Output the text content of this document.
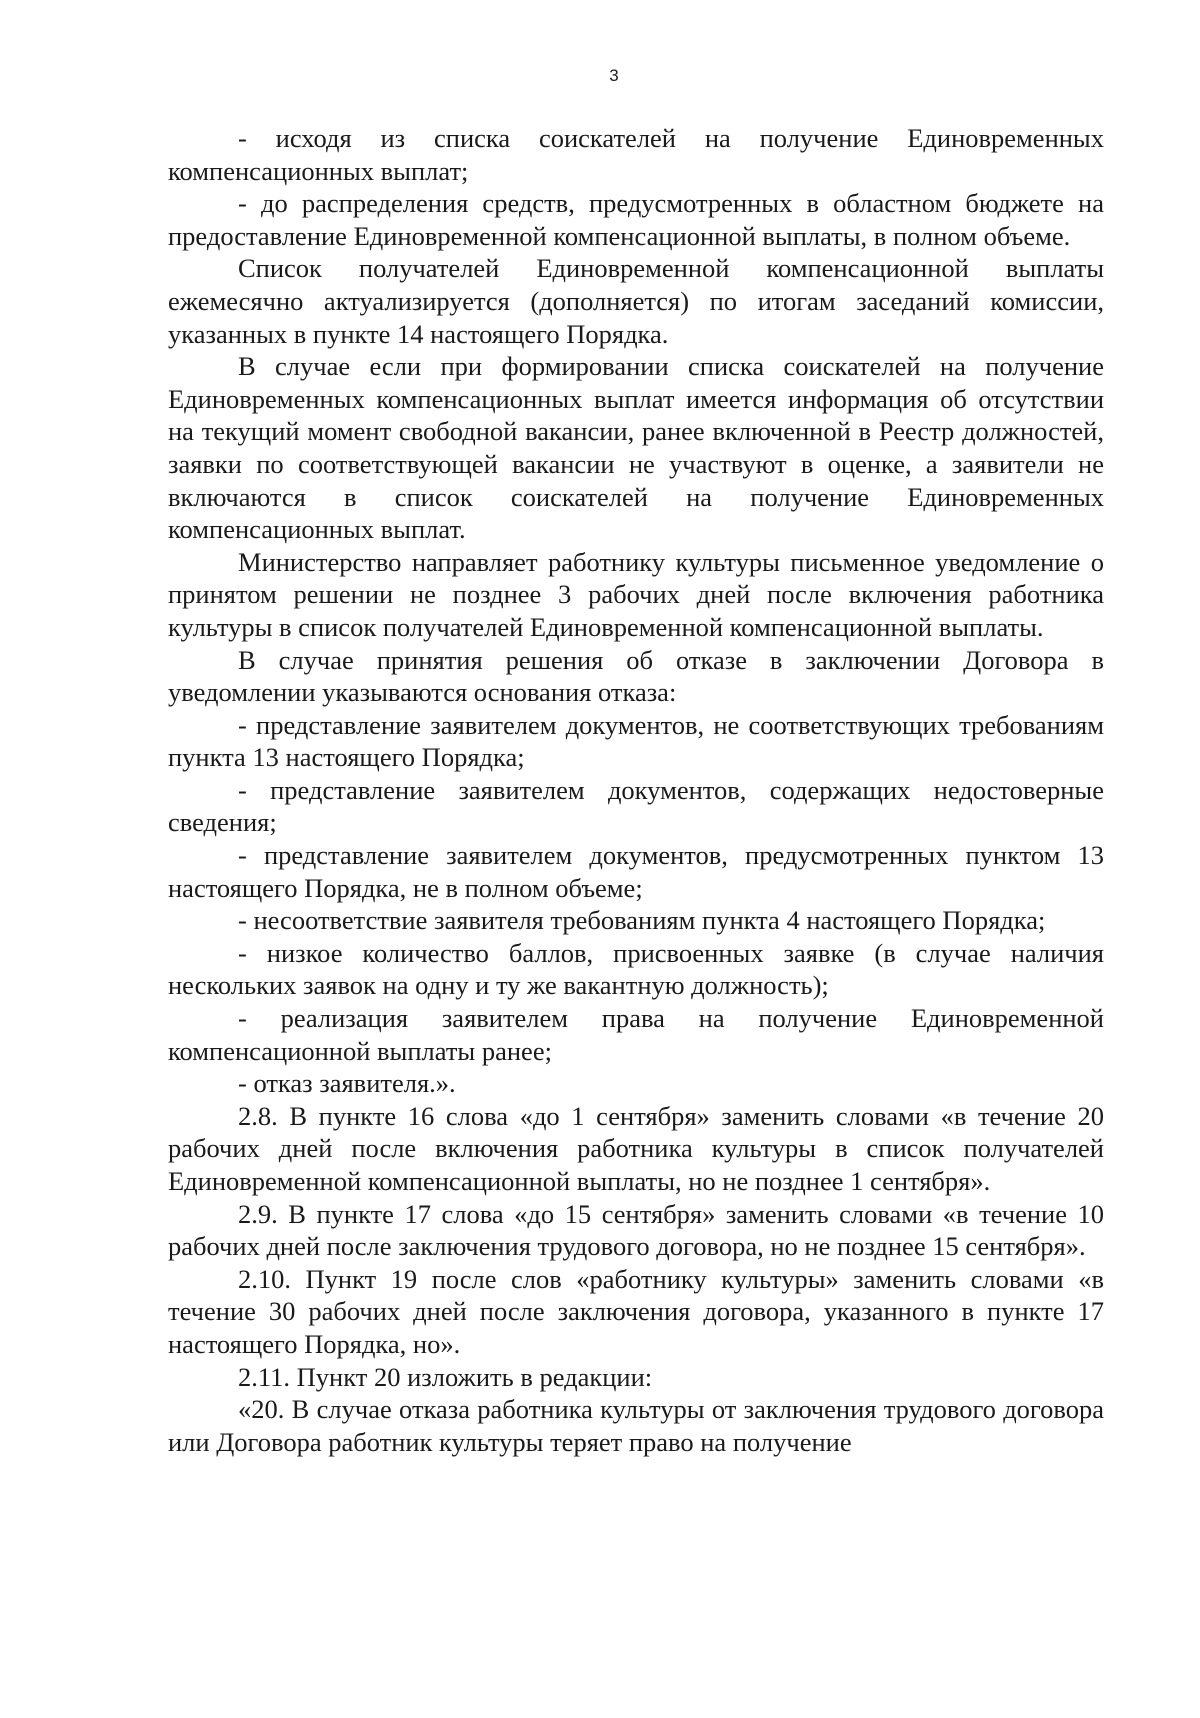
3

- исходя из списка соискателей на получение Единовременных компенсационных выплат;

- до распределения средств, предусмотренных в областном бюджете на предоставление Единовременной компенсационной выплаты, в полном объеме.

Список получателей Единовременной компенсационной выплаты ежемесячно актуализируется (дополняется) по итогам заседаний комиссии, указанных в пункте 14 настоящего Порядка.

В случае если при формировании списка соискателей на получение Единовременных компенсационных выплат имеется информация об отсутствии на текущий момент свободной вакансии, ранее включенной в Реестр должностей, заявки по соответствующей вакансии не участвуют в оценке, а заявители не включаются в список соискателей на получение Единовременных компенсационных выплат.

Министерство направляет работнику культуры письменное уведомление о принятом решении не позднее 3 рабочих дней после включения работника культуры в список получателей Единовременной компенсационной выплаты.

В случае принятия решения об отказе в заключении Договора в уведомлении указываются основания отказа:

- представление заявителем документов, не соответствующих требованиям пункта 13 настоящего Порядка;

- представление заявителем документов, содержащих недостоверные сведения;

- представление заявителем документов, предусмотренных пунктом 13 настоящего Порядка, не в полном объеме;

- несоответствие заявителя требованиям пункта 4 настоящего Порядка;

- низкое количество баллов, присвоенных заявке (в случае наличия нескольких заявок на одну и ту же вакантную должность);

- реализация заявителем права на получение Единовременной компенсационной выплаты ранее;

- отказ заявителя.».

2.8. В пункте 16 слова «до 1 сентября» заменить словами «в течение 20 рабочих дней после включения работника культуры в список получателей Единовременной компенсационной выплаты, но не позднее 1 сентября».

2.9. В пункте 17 слова «до 15 сентября» заменить словами «в течение 10 рабочих дней после заключения трудового договора, но не позднее 15 сентября».

2.10. Пункт 19 после слов «работнику культуры» заменить словами «в течение 30 рабочих дней после заключения договора, указанного в пункте 17 настоящего Порядка, но».

2.11. Пункт 20 изложить в редакции:

«20. В случае отказа работника культуры от заключения трудового договора или Договора работник культуры теряет право на получение
